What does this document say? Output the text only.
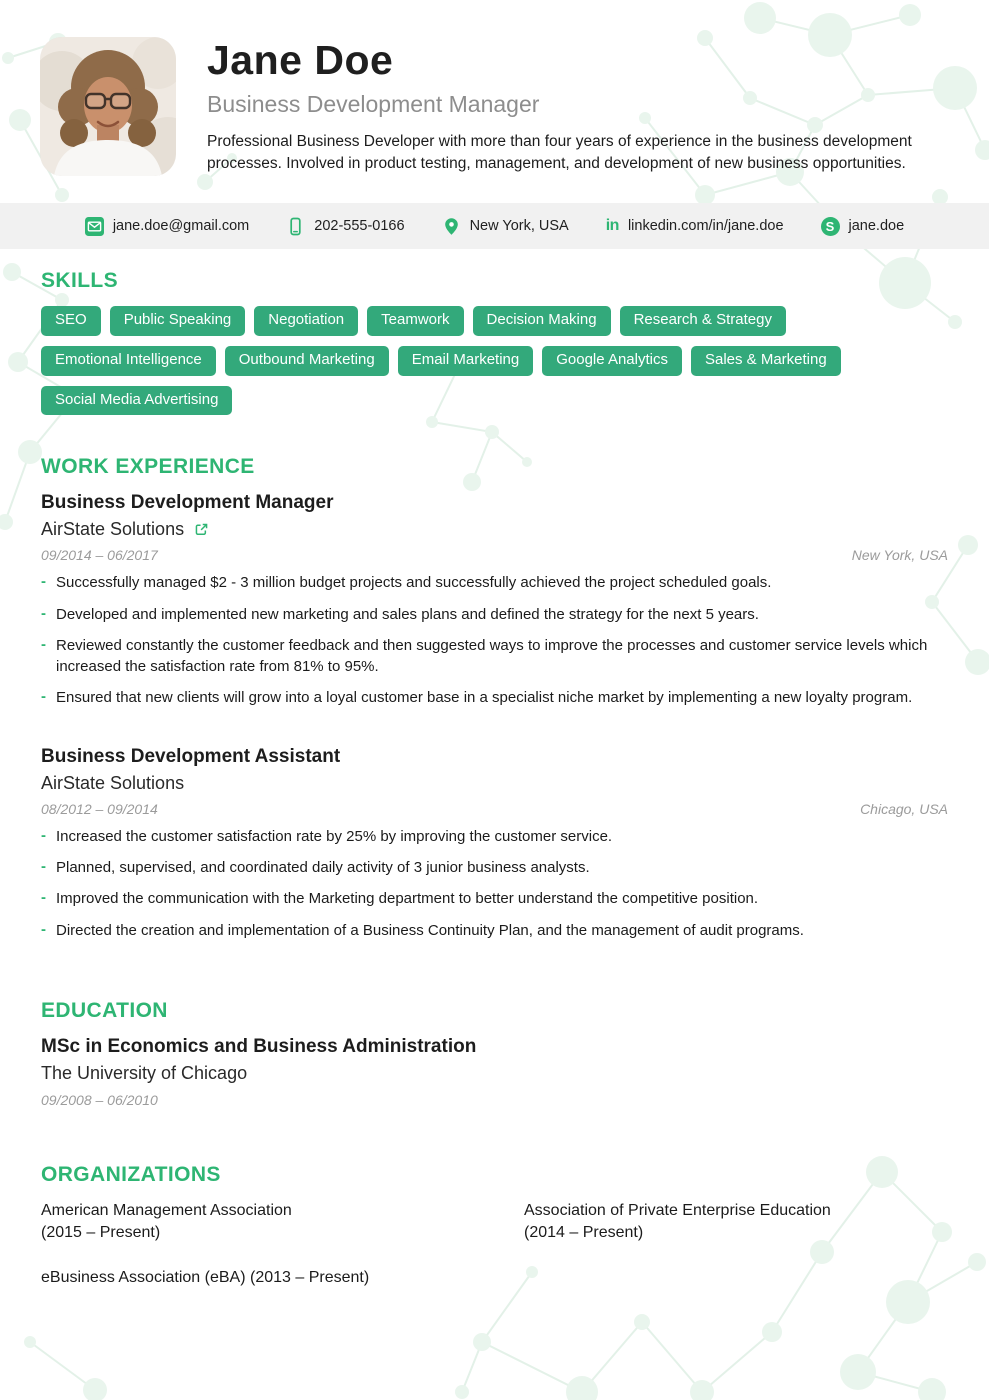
Jane Doe
Business Development Manager

Professional Business Developer with more than four years of experience in the business development processes. Involved in product testing, management, and development of new business opportunities.

jane.doe@gmail.com	202-555-0166	New York, USA in linkedin.com/in/jane.doe	S jane.doe
SKILLS
SEO	Public Speaking	Negotiation	Teamwork	Decision Making	Research & Strategy
Emotional Intelligence	Outbound Marketing	Email Marketing	Google Analytics	Sales & Marketing
Social Media Advertising
WORK EXPERIENCE
Business Development Manager
AirState Solutions
09/2014 – 06/2017	New York, USA
- Successfully managed $2 - 3 million budget projects and successfully achieved the project scheduled goals.
- Developed and implemented new marketing and sales plans and defined the strategy for the next 5 years.
- Reviewed constantly the customer feedback and then suggested ways to improve the processes and customer service levels which increased the satisfaction rate from 81% to 95%.
- Ensured that new clients will grow into a loyal customer base in a specialist niche market by implementing a new loyalty program.
Business Development Assistant
AirState Solutions
08/2012 – 09/2014	Chicago, USA
- Increased the customer satisfaction rate by 25% by improving the customer service.
- Planned, supervised, and coordinated daily activity of 3 junior business analysts.
- Improved the communication with the Marketing department to better understand the competitive position.
- Directed the creation and implementation of a Business Continuity Plan, and the management of audit programs.
EDUCATION
MSc in Economics and Business Administration
The University of Chicago
09/2008 – 06/2010
ORGANIZATIONS
American Management Association
(2015 – Present)
Association of Private Enterprise Education
(2014 – Present)
eBusiness Association (eBA) (2013 – Present)
